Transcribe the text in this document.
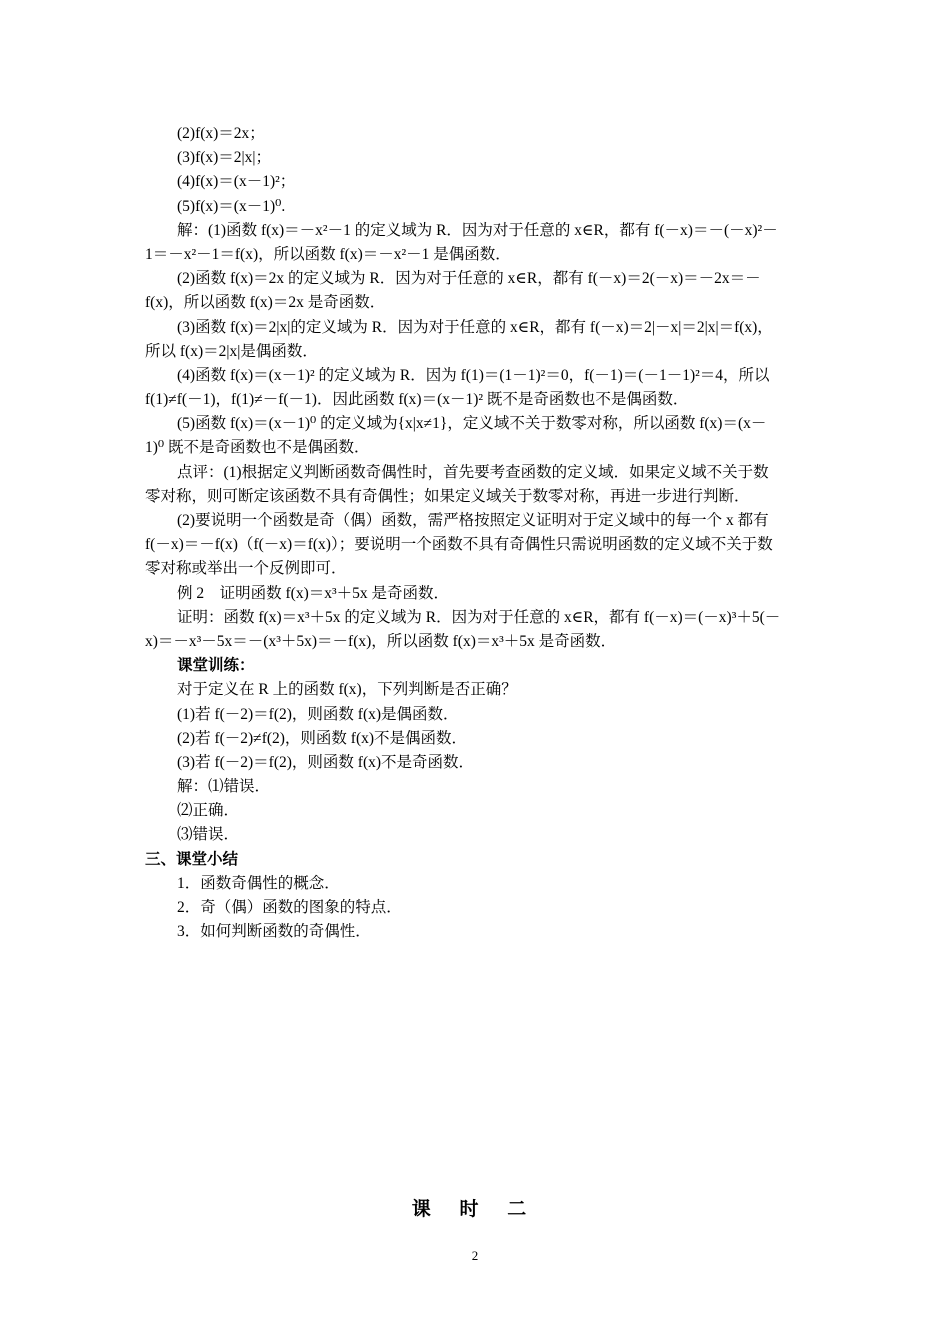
(2)f(x)＝2x；
(3)f(x)＝2|x|；
(4)f(x)＝(x－1)²；
(5)f(x)＝(x－1)⁰.
解：(1)函数 f(x)＝－x²－1 的定义域为 R．因为对于任意的 x∈R，都有 f(－x)＝－(－x)²－
1＝－x²－1＝f(x)，所以函数 f(x)＝－x²－1 是偶函数．
(2)函数 f(x)＝2x 的定义域为 R．因为对于任意的 x∈R，都有 f(－x)＝2(－x)＝－2x＝－
f(x)，所以函数 f(x)＝2x 是奇函数．
(3)函数 f(x)＝2|x|的定义域为 R．因为对于任意的 x∈R，都有 f(－x)＝2|－x|＝2|x|＝f(x)，
所以 f(x)＝2|x|是偶函数．
(4)函数 f(x)＝(x－1)² 的定义域为 R．因为 f(1)＝(1－1)²＝0，f(－1)＝(－1－1)²＝4，所以
f(1)≠f(－1)，f(1)≠－f(－1)．因此函数 f(x)＝(x－1)² 既不是奇函数也不是偶函数．
(5)函数 f(x)＝(x－1)⁰ 的定义域为{x|x≠1}，定义域不关于数零对称，所以函数 f(x)＝(x－
1)⁰ 既不是奇函数也不是偶函数．
点评：(1)根据定义判断函数奇偶性时，首先要考查函数的定义域．如果定义域不关于数
零对称，则可断定该函数不具有奇偶性；如果定义域关于数零对称，再进一步进行判断．
(2)要说明一个函数是奇（偶）函数，需严格按照定义证明对于定义域中的每一个 x 都有
f(－x)＝－f(x)（f(－x)＝f(x)）；要说明一个函数不具有奇偶性只需说明函数的定义域不关于数
零对称或举出一个反例即可．
例 2　证明函数 f(x)＝x³＋5x 是奇函数．
证明：函数 f(x)＝x³＋5x 的定义域为 R．因为对于任意的 x∈R，都有 f(－x)＝(－x)³＋5(－
x)＝－x³－5x＝－(x³＋5x)＝－f(x)，所以函数 f(x)＝x³＋5x 是奇函数．
课堂训练：
对于定义在 R 上的函数 f(x)，下列判断是否正确？
(1)若 f(－2)＝f(2)，则函数 f(x)是偶函数．
(2)若 f(－2)≠f(2)，则函数 f(x)不是偶函数．
(3)若 f(－2)＝f(2)，则函数 f(x)不是奇函数．
解：⑴错误．
⑵正确．
⑶错误．
三、课堂小结
1．函数奇偶性的概念．
2．奇（偶）函数的图象的特点．
3．如何判断函数的奇偶性．
课 时 二
2
